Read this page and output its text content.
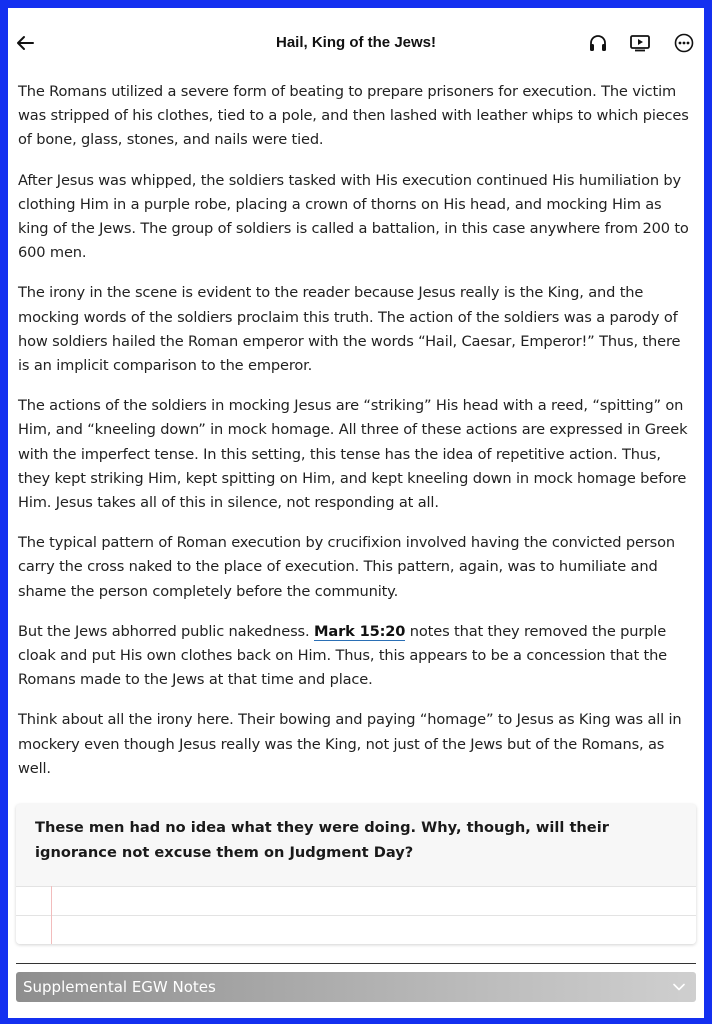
Hail, King of the Jews!

The Romans utilized a severe form of beating to prepare prisoners for execution. The victim was stripped of his clothes, tied to a pole, and then lashed with leather whips to which pieces of bone, glass, stones, and nails were tied.

After Jesus was whipped, the soldiers tasked with His execution continued His humiliation by clothing Him in a purple robe, placing a crown of thorns on His head, and mocking Him as king of the Jews. The group of soldiers is called a battalion, in this case anywhere from 200 to 600 men.

The irony in the scene is evident to the reader because Jesus really is the King, and the mocking words of the soldiers proclaim this truth. The action of the soldiers was a parody of how soldiers hailed the Roman emperor with the words “Hail, Caesar, Emperor!” Thus, there is an implicit comparison to the emperor.

The actions of the soldiers in mocking Jesus are “striking” His head with a reed, “spitting” on Him, and “kneeling down” in mock homage. All three of these actions are expressed in Greek with the imperfect tense. In this setting, this tense has the idea of repetitive action. Thus, they kept striking Him, kept spitting on Him, and kept kneeling down in mock homage before Him. Jesus takes all of this in silence, not responding at all.

The typical pattern of Roman execution by crucifixion involved having the convicted person carry the cross naked to the place of execution. This pattern, again, was to humiliate and shame the person completely before the community.

But the Jews abhorred public nakedness. Mark 15:20 notes that they removed the purple cloak and put His own clothes back on Him. Thus, this appears to be a concession that the Romans made to the Jews at that time and place.

Think about all the irony here. Their bowing and paying “homage” to Jesus as King was all in mockery even though Jesus really was the King, not just of the Jews but of the Romans, as well.

These men had no idea what they were doing. Why, though, will their ignorance not excuse them on Judgment Day?
Supplemental EGW Notes
